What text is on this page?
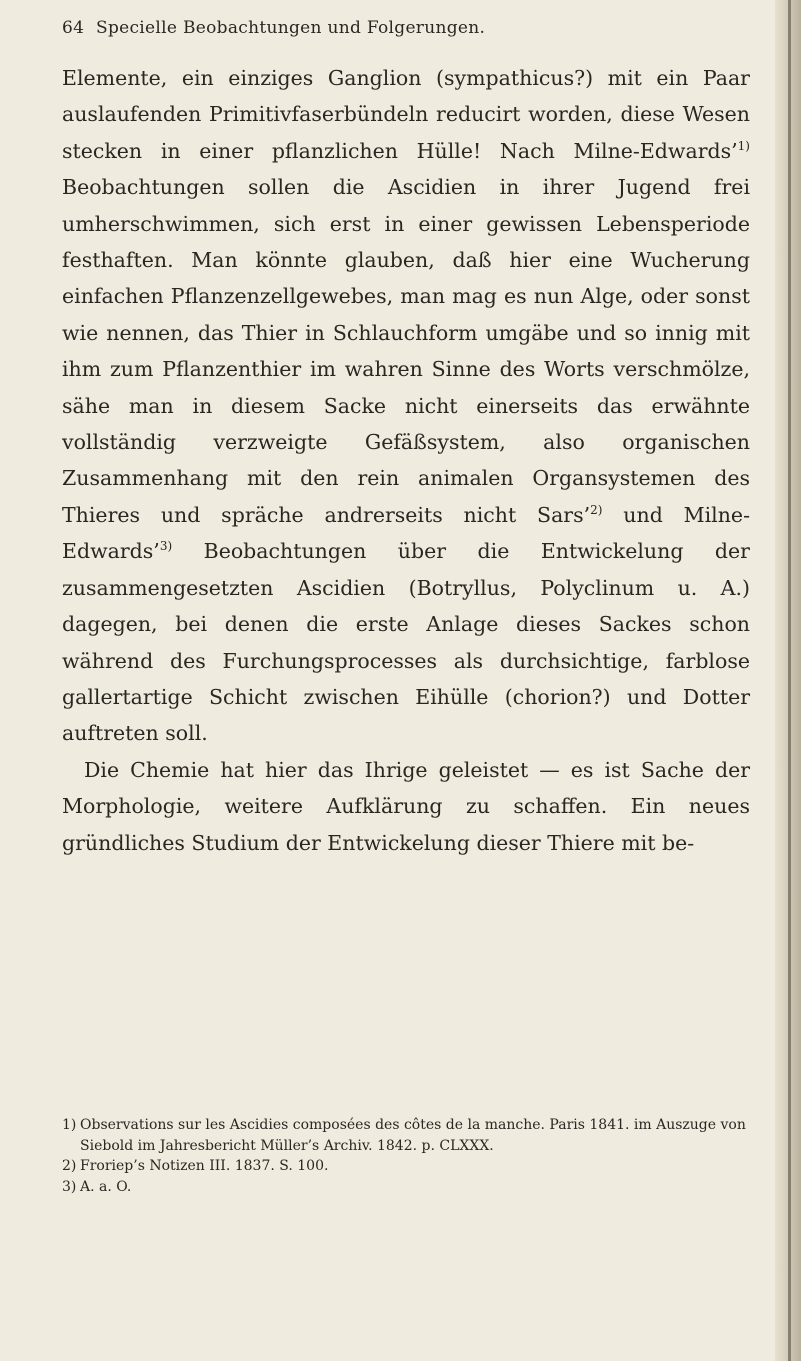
64 Specielle Beobachtungen und Folgerungen.

Elemente, ein einziges Ganglion (sympathicus?) mit ein Paar auslaufenden Primitivfaserbündeln reducirt worden, diese Wesen stecken in einer pflanzlichen Hülle! Nach Milne-Edwards’$^{1)}$ Beobachtungen sollen die Ascidien in ihrer Jugend frei umherschwimmen, sich erst in einer gewissen Lebensperiode festhaften. Man könnte glauben, daß hier eine Wucherung einfachen Pflanzenzellgewebes, man mag es nun Alge, oder sonst wie nennen, das Thier in Schlauchform umgäbe und so innig mit ihm zum Pflanzenthier im wahren Sinne des Worts verschmölze, sähe man in diesem Sacke nicht einerseits das erwähnte vollständig verzweigte Gefäßsystem, also organischen Zusammenhang mit den rein animalen Organsystemen des Thieres und spräche andrerseits nicht Sars’$^{2)}$ und Milne-Edwards’$^{3)}$ Beobachtungen über die Entwickelung der zusammengesetzten Ascidien (Botryllus, Polyclinum u. A.) dagegen, bei denen die erste Anlage dieses Sackes schon während des Furchungsprocesses als durchsichtige, farblose gallertartige Schicht zwischen Eihülle (chorion?) und Dotter auftreten soll.

Die Chemie hat hier das Ihrige geleistet — es ist Sache der Morphologie, weitere Aufklärung zu schaffen. Ein neues gründliches Studium der Entwickelung dieser Thiere mit be-

1) Observations sur les Ascidies composées des côtes de la manche. Paris 1841. im Auszuge von Siebold im Jahresbericht Müller’s Archiv. 1842. p. CLXXX.
2) Froriep’s Notizen III. 1837. S. 100.
3) A. a. O.
